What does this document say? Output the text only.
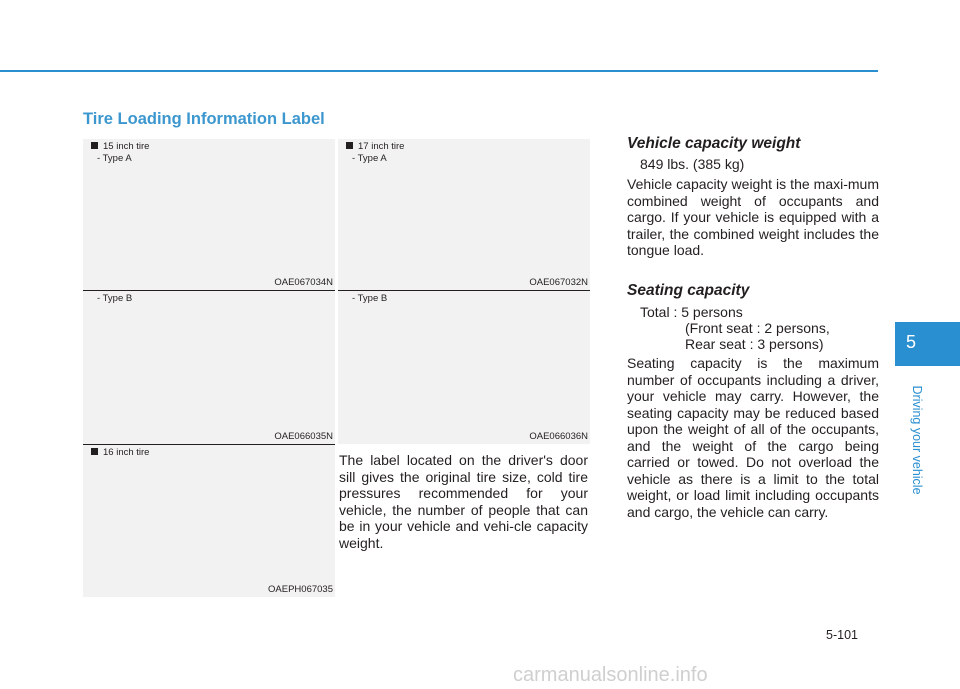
Tire Loading Information Label
15 inch tire
- Type A
OAE067034N
- Type B
OAE066035N
16 inch tire
OAEPH067035
17 inch tire
- Type A
OAE067032N
- Type B
OAE066036N
The label located on the driver's door sill gives the original tire size, cold tire pressures recommended for your vehicle, the number of people that can be in your vehicle and vehi-cle capacity weight.
Vehicle capacity weight
849 lbs. (385 kg)
Vehicle capacity weight is the maxi-mum combined weight of occupants and cargo. If your vehicle is equipped with a trailer, the combined weight includes the tongue load.
Seating capacity
Total : 5 persons
(Front seat : 2 persons,
Rear seat : 3 persons)
Seating capacity is the maximum number of occupants including a driver, your vehicle may carry. However, the seating capacity may be reduced based upon the weight of all of the occupants, and the weight of the cargo being carried or towed. Do not overload the vehicle as there is a limit to the total weight, or load limit including occupants and cargo, the vehicle can carry.
5
Driving your vehicle
5-101
carmanualsonline.info
